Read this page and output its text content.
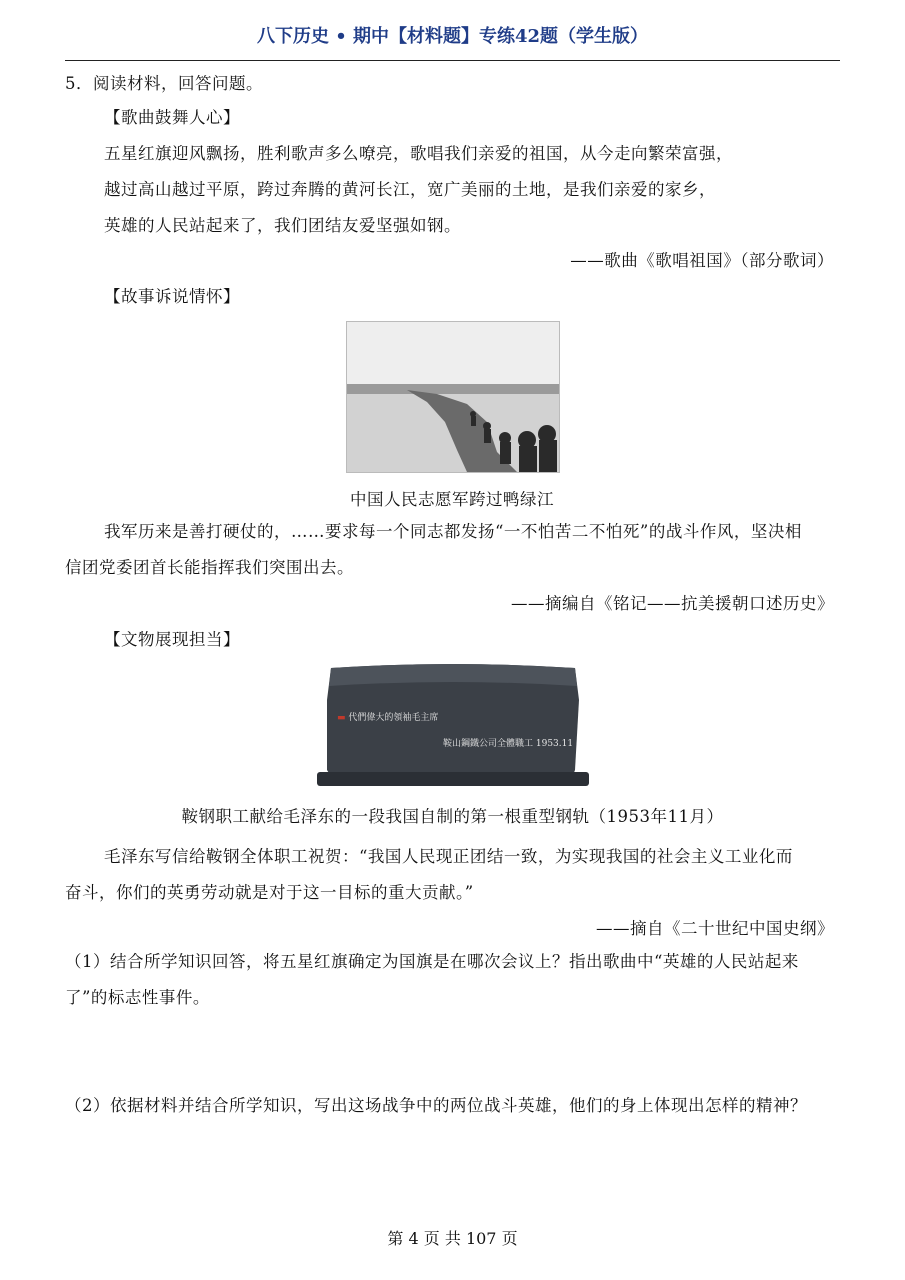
八下历史 • 期中【材料题】专练42题（学生版）
5．阅读材料，回答问题。
【歌曲鼓舞人心】
五星红旗迎风飘扬，胜利歌声多么嘹亮，歌唱我们亲爱的祖国，从今走向繁荣富强，
越过高山越过平原，跨过奔腾的黄河长江，宽广美丽的土地，是我们亲爱的家乡，
英雄的人民站起来了，我们团结友爱坚强如钢。
——歌曲《歌唱祖国》（部分歌词）
【故事诉说情怀】
中国人民志愿军跨过鸭绿江
我军历来是善打硬仗的，……要求每一个同志都发扬“一不怕苦二不怕死”的战斗作风，坚决相
信团党委团首长能指挥我们突围出去。
——摘编自《铭记——抗美援朝口述历史》
【文物展现担当】
▬ 代們偉大的領袖毛主席
鞍山鋼鐵公司全體職工 1953.11
鞍钢职工献给毛泽东的一段我国自制的第一根重型钢轨（1953年11月）
毛泽东写信给鞍钢全体职工祝贺：“我国人民现正团结一致，为实现我国的社会主义工业化而
奋斗，你们的英勇劳动就是对于这一目标的重大贡献。”
——摘自《二十世纪中国史纲》
（1）结合所学知识回答，将五星红旗确定为国旗是在哪次会议上？指出歌曲中“英雄的人民站起来
了”的标志性事件。
（2）依据材料并结合所学知识，写出这场战争中的两位战斗英雄，他们的身上体现出怎样的精神？
第 4 页 共 107 页
